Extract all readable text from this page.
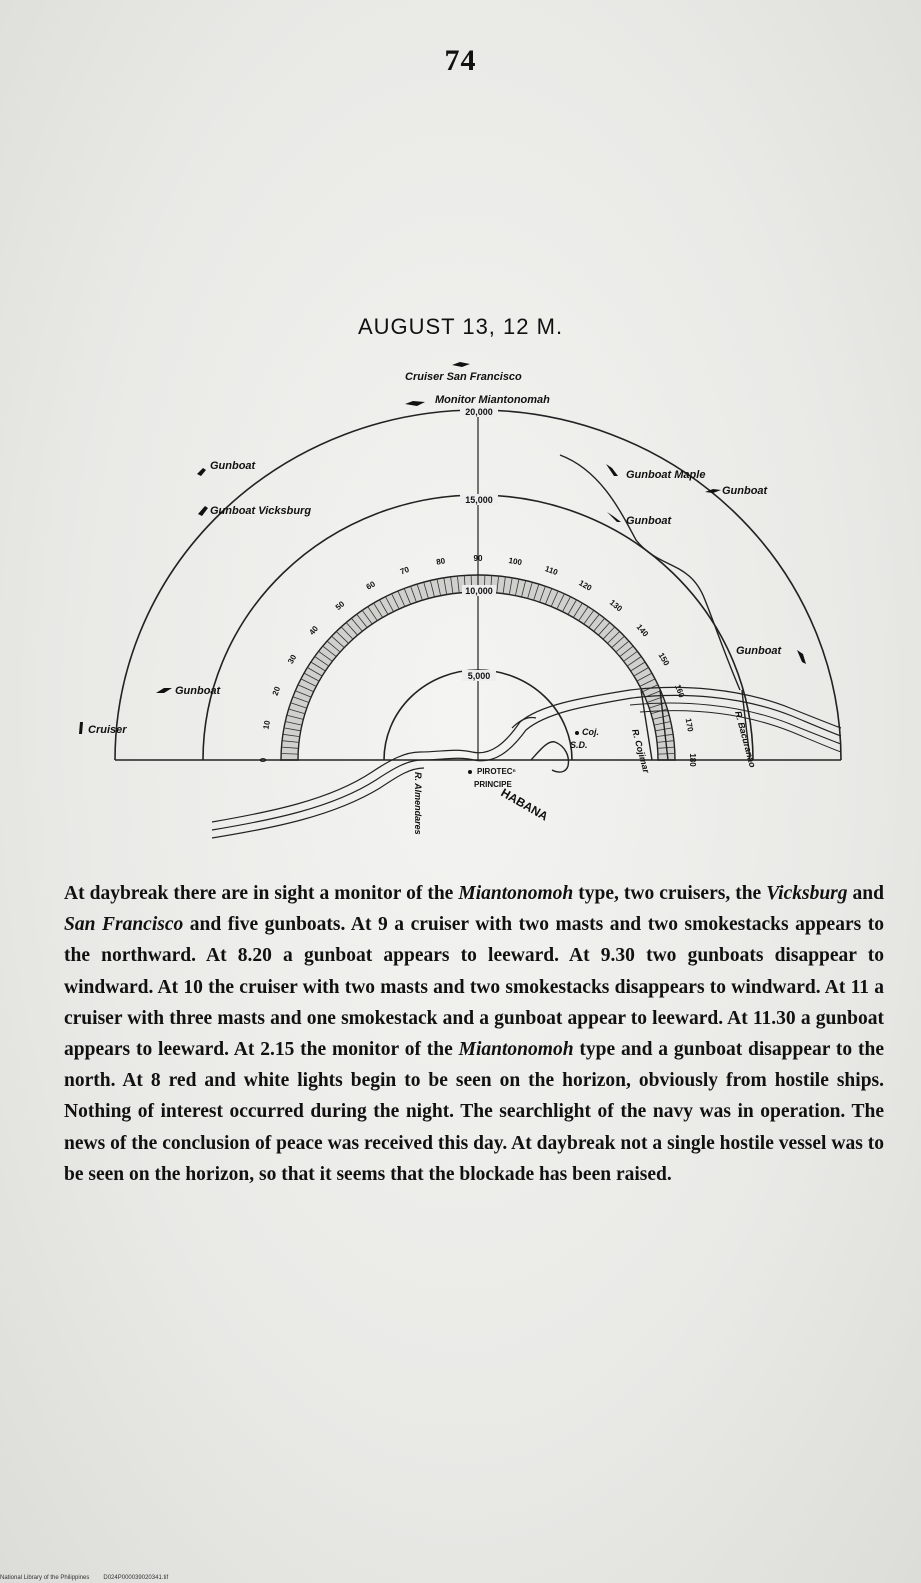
74
AUGUST 13, 12 M.
5,000
10,000
15,000
20,000
0
10
20
30
40
50
60
70
80	90	100
110
120
130
140
150
160
170
180
Cruiser San Francisco
Monitor Miantonomah
Gunboat
Gunboat Vicksburg
Gunboat Maple
Gunboat
Gunboat
Gunboat
Gunboat
Cruiser
HABANA
PIROTECⁿ
PRINCIPE
Coj.
S.D.	R. Cojimar	R. Bacuranao
R. Almendares

At daybreak there are in sight a monitor of the Miantonomoh type, two cruisers, the Vicksburg and San Francisco and five gunboats. At 9 a cruiser with two masts and two smokestacks appears to the northward. At 8.20 a gunboat appears to leeward. At 9.30 two gunboats disappear to windward. At 10 the cruiser with two masts and two smokestacks disappears to windward. At 11 a cruiser with three masts and one smokestack and a gunboat appear to leeward. At 11.30 a gunboat appears to leeward. At 2.15 the monitor of the Miantonomoh type and a gunboat disappear to the north. At 8 red and white lights begin to be seen on the horizon, obviously from hostile ships. Nothing of interest occurred during the night. The searchlight of the navy was in operation. The news of the conclusion of peace was received this day. At daybreak not a single hostile vessel was to be seen on the horizon, so that it seems that the blockade has been raised.

National Library of the Philippines D024P000039020341.tif
